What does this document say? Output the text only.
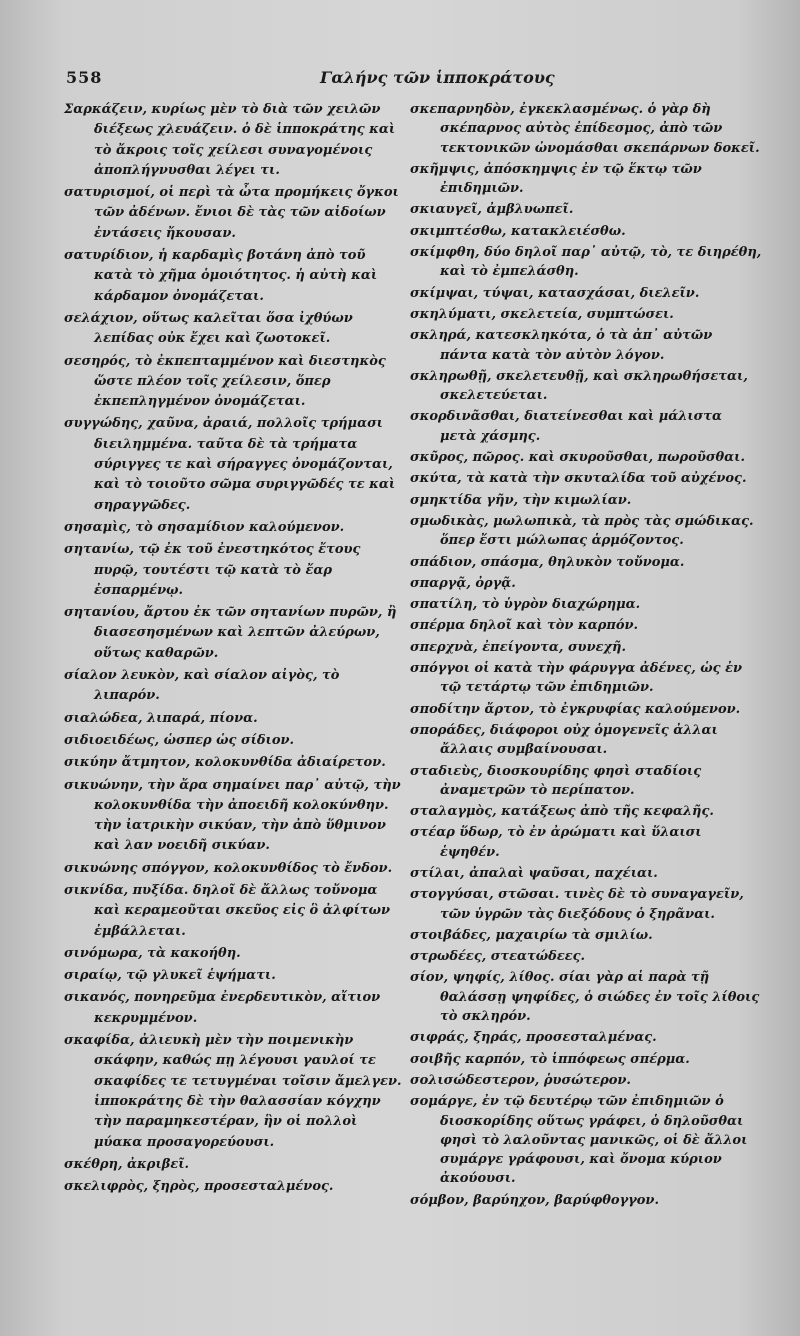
558	Γαλήνς τῶν ἱπποκράτους
Σαρκάζειν, κυρίως μὲν τὸ διὰ τῶν χειλῶν διέξεως χλευάζειν. ὁ δὲ ἱπποκράτης καὶ τὸ ἄκροις τοῖς χείλεσι συναγομένοις ἀποπλήγνυσθαι λέγει τι.
σατυρισμοί, οἱ περὶ τὰ ὦτα προμήκεις ὄγκοι τῶν ἀδένων. ἔνιοι δὲ τὰς τῶν αἰδοίων ἐντάσεις ἤκουσαν.
σατυρίδιον, ἡ καρδαμὶς βοτάνη ἀπὸ τοῦ κατὰ τὸ χῆμα ὁμοιότητος. ἡ αὐτὴ καὶ κάρδαμον ὀνομάζεται.
σελάχιον, οὕτως καλεῖται ὅσα ἰχθύων λεπίδας οὐκ ἔχει καὶ ζωοτοκεῖ.
σεσηρός, τὸ ἐκπεπταμμένον καὶ διεστηκὸς ὥστε πλέον τοῖς χείλεσιν, ὅπερ ἐκπεπληγμένον ὀνομάζεται.
συγγώδης, χαῦνα, ἀραιά, πολλοῖς τρήμασι διειλημμένα. ταῦτα δὲ τὰ τρήματα σύριγγες τε καὶ σήραγγες ὀνομάζονται, καὶ τὸ τοιοῦτο σῶμα συριγγῶδές τε καὶ σηραγγῶδες.
σησαμὶς, τὸ σησαμίδιον καλούμενον.
σητανίω, τῷ ἐκ τοῦ ἐνεστηκότος ἔτους πυρῷ, τουτέστι τῷ κατὰ τὸ ἔαρ ἐσπαρμένῳ.
σητανίου, ἄρτου ἐκ τῶν σητανίων πυρῶν, ἢ διασεσησμένων καὶ λεπτῶν ἀλεύρων, οὕτως καθαρῶν.
σίαλον λευκὸν, καὶ σίαλον αἰγὸς, τὸ λιπαρόν.
σιαλώδεα, λιπαρά, πίονα.
σιδιοειδέως, ὡσπερ ὡς σίδιον.
σικύην ἄτμητον, κολοκυνθίδα ἀδιαίρετον.
σικυώνην, τὴν ἄρα σημαίνει παρ᾽ αὐτῷ, τὴν κολοκυνθίδα τὴν ἀποειδῆ κολοκύνθην. τὴν ἰατρικὴν σικύαν, τὴν ἀπὸ ὕθμινον καὶ λαν νοειδῆ σικύαν.
σικυώνης σπόγγον, κολοκυνθίδος τὸ ἔνδον.
σικνίδα, πυξίδα. δηλοῖ δὲ ἄλλως τοὔνομα καὶ κεραμεοῦται σκεῦος εἰς ὃ ἀλφίτων ἐμβάλλεται.
σινόμωρα, τὰ κακοήθη.
σιραίῳ, τῷ γλυκεῖ ἑψήματι.
σικανός, πονηρεῦμα ἐνερδευτικὸν, αἴτιον κεκρυμμένον.
σκαφίδα, ἀλιευκὴ μὲν τὴν ποιμενικὴν σκάφην, καθώς πῃ λέγουσι γαυλοί τε σκαφίδες τε τετυγμέναι τοῖσιν ἄμελγεν. ἱπποκράτης δὲ τὴν θαλασσίαν κόγχην τὴν παραμηκεστέραν, ἣν οἱ πολλοὶ μύακα προσαγορεύουσι.
σκέθρη, ἀκριβεῖ.
σκελιφρὸς, ξηρὸς, προσεσταλμένος.
σκεπαρνηδὸν, ἐγκεκλασμένως. ὁ γὰρ δὴ σκέπαρνος αὐτὸς ἐπίδεσμος, ἀπὸ τῶν τεκτονικῶν ὠνομάσθαι σκεπάρνων δοκεῖ.
σκῆμψις, ἀπόσκημψις ἐν τῷ ἕκτῳ τῶν ἐπιδημιῶν.
σκιαυγεῖ, ἀμβλυωπεῖ.
σκιμπτέσθω, κατακλειέσθω.
σκίμφθη, δύο δηλοῖ παρ᾽ αὐτῷ, τὸ, τε διηρέθη, καὶ τὸ ἐμπελάσθη.
σκίμψαι, τύψαι, κατασχάσαι, διελεῖν.
σκηλύματι, σκελετεία, συμπτώσει.
σκληρά, κατεσκληκότα, ὁ τὰ ἀπ᾽ αὐτῶν πάντα κατὰ τὸν αὐτὸν λόγον.
σκληρωθῇ, σκελετευθῇ, καὶ σκληρωθήσεται, σκελετεύεται.
σκορδινᾶσθαι, διατείνεσθαι καὶ μάλιστα μετὰ χάσμης.
σκῦρος, πῶρος. καὶ σκυροῦσθαι, πωροῦσθαι.
σκύτα, τὰ κατὰ τὴν σκυταλίδα τοῦ αὐχένος.
σμηκτίδα γῆν, τὴν κιμωλίαν.
σμωδικὰς, μωλωπικὰ, τὰ πρὸς τὰς σμώδικας. ὅπερ ἔστι μώλωπας ἁρμόζοντος.
σπάδιον, σπάσμα, θηλυκὸν τοὔνομα.
σπαργᾷ, ὀργᾷ.
σπατίλη, τὸ ὑγρὸν διαχώρημα.
σπέρμα δηλοῖ καὶ τὸν καρπόν.
σπερχνὰ, ἐπείγοντα, συνεχῆ.
σπόγγοι οἱ κατὰ τὴν φάρυγγα ἀδένες, ὡς ἐν τῷ τετάρτῳ τῶν ἐπιδημιῶν.
σποδίτην ἄρτον, τὸ ἐγκρυφίας καλούμενον.
σποράδες, διάφοροι οὐχ ὁμογενεῖς ἀλλαι ἄλλαις συμβαίνουσαι.
σταδιεὺς, διοσκουρίδης φησὶ σταδίοις ἀναμετρῶν τὸ περίπατον.
σταλαγμὸς, κατάξεως ἀπὸ τῆς κεφαλῆς.
στέαρ ὕδωρ, τὸ ἐν ἀρώματι καὶ ὕλαισι ἑψηθέν.
στίλαι, ἀπαλαὶ ψαῦσαι, παχέιαι.
στογγύσαι, στῶσαι. τινὲς δὲ τὸ συναγαγεῖν, τῶν ὑγρῶν τὰς διεξόδους ὁ ξηρᾶναι.
στοιβάδες, μαχαιρίω τὰ σμιλίω.
στρωδέες, στεατώδεες.
σίον, ψηφίς, λίθος. σίαι γὰρ αἱ παρὰ τῇ θαλάσσῃ ψηφίδες, ὁ σιώδες ἐν τοῖς λίθοις τὸ σκληρόν.
σιφράς, ξηράς, προσεσταλμένας.
σοιβῆς καρπόν, τὸ ἱππόφεως σπέρμα.
σολισώδεστερον, ῥυσώτερον.
σομάργε, ἐν τῷ δευτέρῳ τῶν ἐπιδημιῶν ὁ διοσκορίδης οὕτως γράφει, ὁ δηλοῦσθαι φησὶ τὸ λαλοῦντας μανικῶς, οἱ δὲ ἄλλοι συμάργε γράφουσι, καὶ ὄνομα κύριον ἀκούουσι.
σόμβον, βαρύηχον, βαρύφθογγον.
